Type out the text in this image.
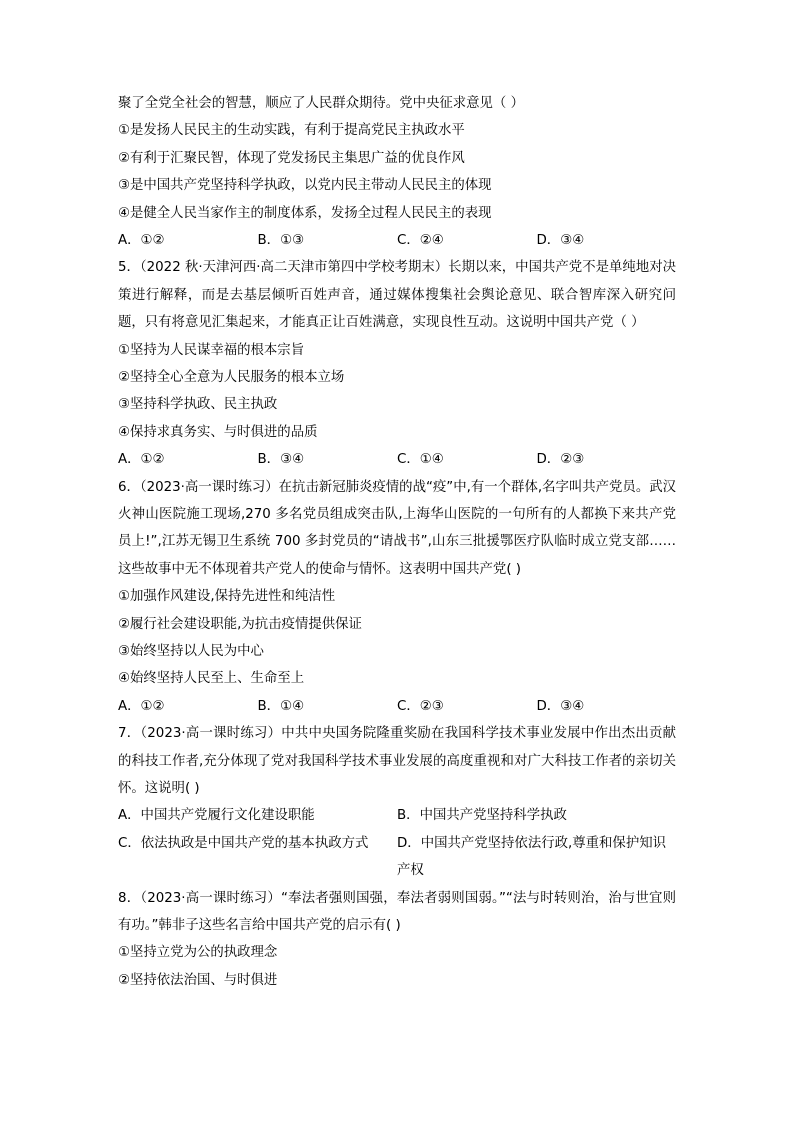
聚了全党全社会的智慧，顺应了人民群众期待。党中央征求意见（ ）
①是发扬人民民主的生动实践，有利于提高党民主执政水平
②有利于汇聚民智，体现了党发扬民主集思广益的优良作风
③是中国共产党坚持科学执政，以党内民主带动人民民主的体现
④是健全人民当家作主的制度体系，发扬全过程人民民主的表现
A．①②	B．①③	C．②④	D．③④
5．（2022 秋·天津河西·高二天津市第四中学校考期末）长期以来，中国共产党不是单纯地对决策进行解释，而是去基层倾听百姓声音，通过媒体搜集社会舆论意见、联合智库深入研究问题，只有将意见汇集起来，才能真正让百姓满意，实现良性互动。这说明中国共产党（ ）
①坚持为人民谋幸福的根本宗旨
②坚持全心全意为人民服务的根本立场
③坚持科学执政、民主执政
④保持求真务实、与时俱进的品质
A．①②	B．③④	C．①④	D．②③
6．（2023·高一课时练习）在抗击新冠肺炎疫情的战“疫”中,有一个群体,名字叫共产党员。武汉火神山医院施工现场,270 多名党员组成突击队,上海华山医院的一句所有的人都换下来共产党员上!”,江苏无锡卫生系统 700 多封党员的“请战书”,山东三批援鄂医疗队临时成立党支部……这些故事中无不体现着共产党人的使命与情怀。这表明中国共产党( )
①加强作风建设,保持先进性和纯洁性
②履行社会建设职能,为抗击疫情提供保证
③始终坚持以人民为中心
④始终坚持人民至上、生命至上
A．①②	B．①④	C．②③	D．③④
7．（2023·高一课时练习）中共中央国务院隆重奖励在我国科学技术事业发展中作出杰出贡献的科技工作者,充分体现了党对我国科学技术事业发展的高度重视和对广大科技工作者的亲切关怀。这说明( )
A．中国共产党履行文化建设职能	B．中国共产党坚持科学执政
C．依法执政是中国共产党的基本执政方式	D．中国共产党坚持依法行政,尊重和保护知识产权
8．（2023·高一课时练习）“奉法者强则国强，奉法者弱则国弱。”“法与时转则治，治与世宜则有功。”韩非子这些名言给中国共产党的启示有( )
①坚持立党为公的执政理念
②坚持依法治国、与时俱进
